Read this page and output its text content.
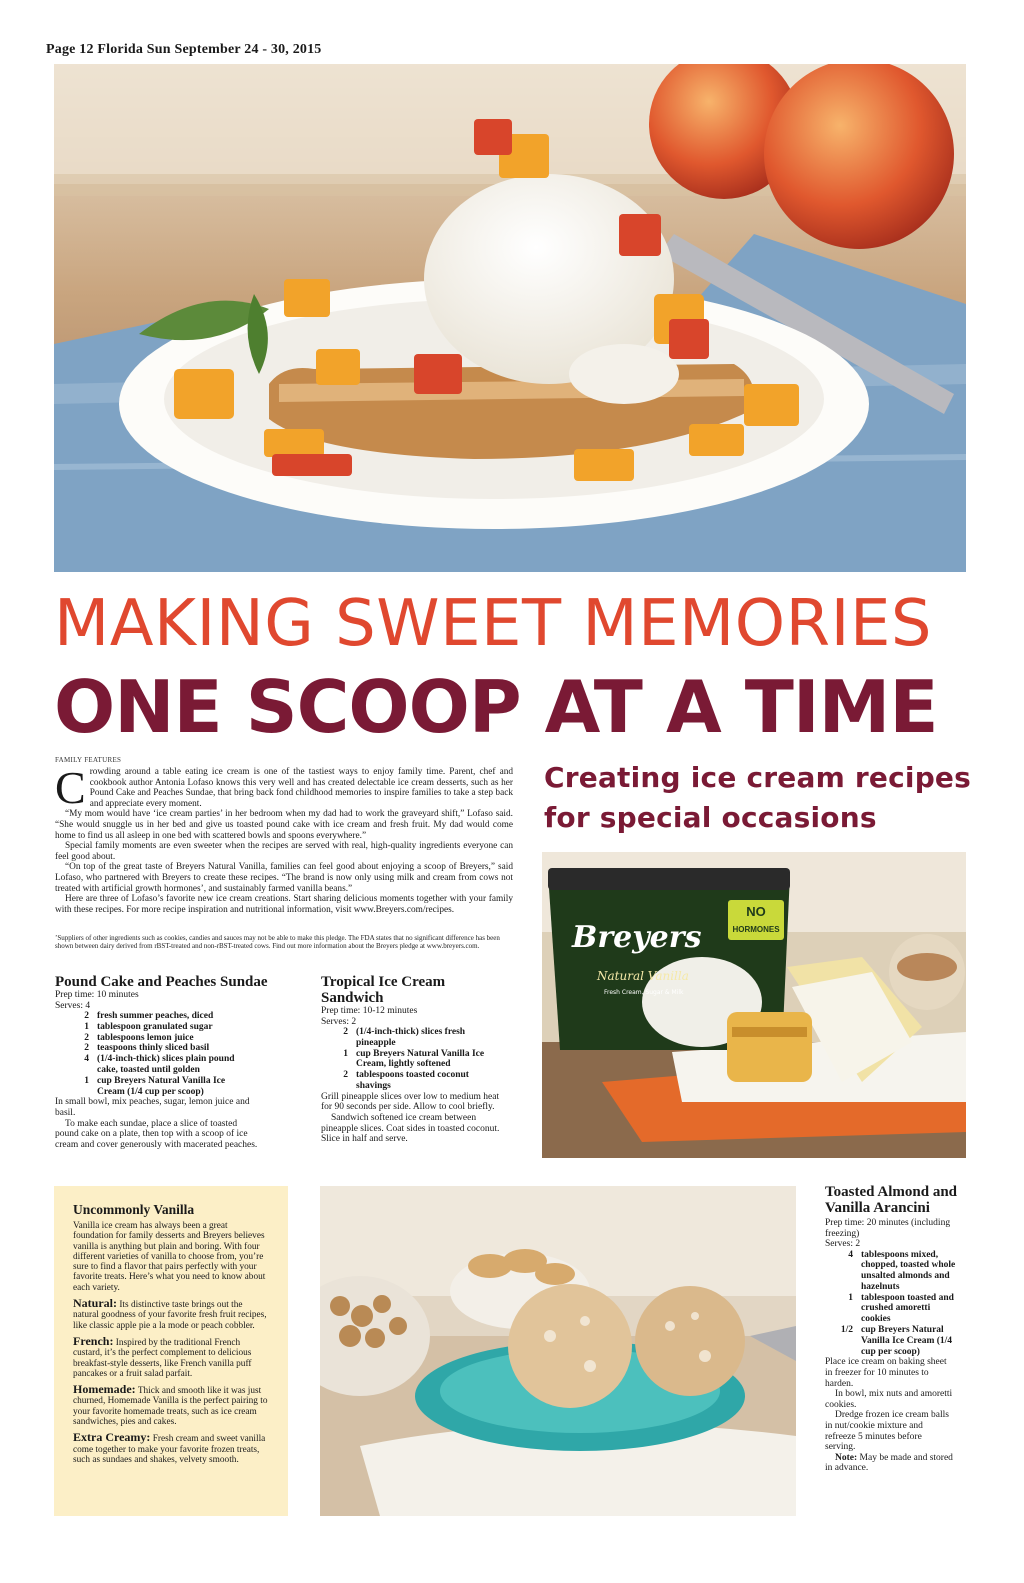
Page 12 Florida Sun September 24 - 30, 2015
MAKING SWEET MEMORIES
ONE SCOOP AT A TIME
FAMILY FEATURES

Crowding around a table eating ice cream is one of the tastiest ways to enjoy family time. Parent, chef and cookbook author Antonia Lofaso knows this very well and has created delectable ice cream desserts, such as her Pound Cake and Peaches Sundae, that bring back fond childhood memories to inspire families to take a step back and appreciate every moment.

“My mom would have ‘ice cream parties’ in her bedroom when my dad had to work the graveyard shift,” Lofaso said. “She would snuggle us in her bed and give us toasted pound cake with ice cream and fresh fruit. My dad would come home to find us all asleep in one bed with scattered bowls and spoons everywhere.”

Special family moments are even sweeter when the recipes are served with real, high-quality ingredients everyone can feel good about.

“On top of the great taste of Breyers Natural Vanilla, families can feel good about enjoying a scoop of Breyers,” said Lofaso, who partnered with Breyers to create these recipes. “The brand is now only using milk and cream from cows not treated with artificial growth hormones’, and sustainably farmed vanilla beans.”

Here are three of Lofaso’s favorite new ice cream creations. Start sharing delicious moments together with your family with these recipes. For more recipe inspiration and nutritional information, visit www.Breyers.com/recipes.

’Suppliers of other ingredients such as cookies, candies and sauces may not be able to make this pledge. The FDA states that no significant difference has been shown between dairy derived from rBST-treated and non-rBST-treated cows. Find out more information about the Breyers pledge at www.breyers.com.
Creating ice cream recipes for special occasions
Pound Cake and Peaches Sundae
Prep time: 10 minutes
Serves: 4
2 fresh summer peaches, diced
1 tablespoon granulated sugar
2 tablespoons lemon juice
2 teaspoons thinly sliced basil
4 (1/4-inch-thick) slices plain pound cake, toasted until golden
1 cup Breyers Natural Vanilla Ice Cream (1/4 cup per scoop)

In small bowl, mix peaches, sugar, lemon juice and basil.

To make each sundae, place a slice of toasted pound cake on a plate, then top with a scoop of ice cream and cover generously with macerated peaches.

Tropical Ice Cream Sandwich
Prep time: 10-12 minutes
Serves: 2
2 (1/4-inch-thick) slices fresh pineapple
1 cup Breyers Natural Vanilla Ice Cream, lightly softened
2 tablespoons toasted coconut shavings

Grill pineapple slices over low to medium heat for 90 seconds per side. Allow to cool briefly.

Sandwich softened ice cream between pineapple slices. Coat sides in toasted coconut. Slice in half and serve.

NO
HORMONES
Breyers
Natural Vanilla
Fresh Cream, Sugar & Milk
Uncommonly Vanilla

Vanilla ice cream has always been a great foundation for family desserts and Breyers believes vanilla is anything but plain and boring. With four different varieties of vanilla to choose from, you’re sure to find a flavor that pairs perfectly with your favorite treats. Here’s what you need to know about each variety.

Natural: Its distinctive taste brings out the natural goodness of your favorite fresh fruit recipes, like classic apple pie a la mode or peach cobbler.

French: Inspired by the traditional French custard, it’s the perfect complement to delicious breakfast-style desserts, like French vanilla puff pancakes or a fruit salad parfait.

Homemade: Thick and smooth like it was just churned, Homemade Vanilla is the perfect pairing to your favorite homemade treats, such as ice cream sandwiches, pies and cakes.

Extra Creamy: Fresh cream and sweet vanilla come together to make your favorite frozen treats, such as sundaes and shakes, velvety smooth.

Toasted Almond and Vanilla Arancini
Prep time: 20 minutes (including freezing)
Serves: 2
4 tablespoons mixed, chopped, toasted whole unsalted almonds and hazelnuts
1 tablespoon toasted and crushed amoretti cookies
1/2 cup Breyers Natural Vanilla Ice Cream (1/4 cup per scoop)

Place ice cream on baking sheet in freezer for 10 minutes to harden.

In bowl, mix nuts and amoretti cookies.

Dredge frozen ice cream balls in nut/cookie mixture and refreeze 5 minutes before serving.

Note: May be made and stored in advance.
